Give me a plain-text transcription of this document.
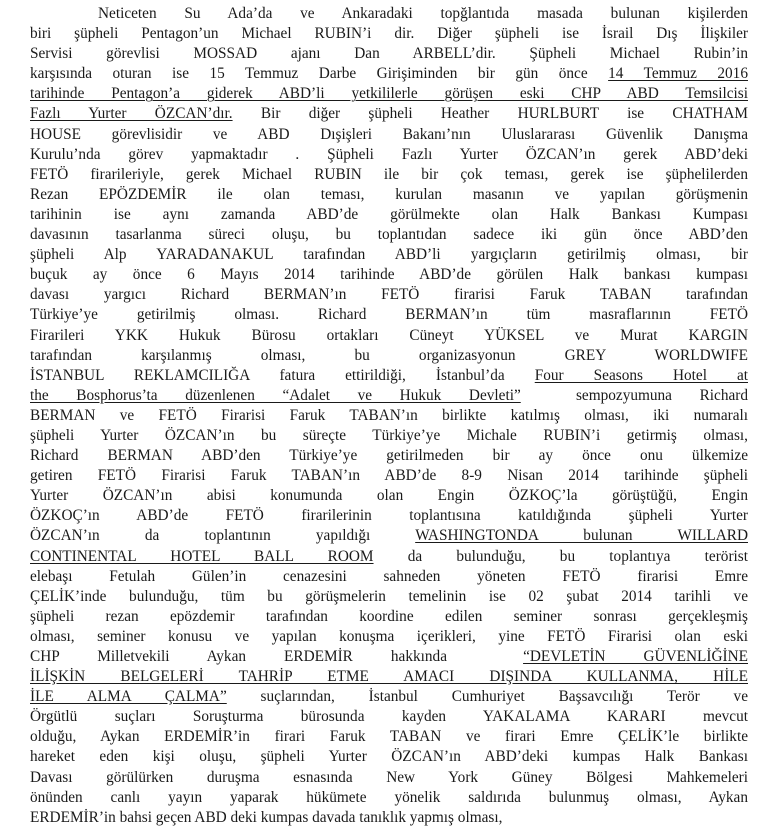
Neticeten Su Ada’da ve Ankaradaki topğlantıda masada bulunan kişilerden
biri şüpheli Pentagon’un Michael RUBIN’i dir. Diğer şüpheli ise İsrail Dış İlişkiler
Servisi görevlisi MOSSAD ajanı Dan ARBELL’dir. Şüpheli Michael Rubin’in
karşısında oturan ise 15 Temmuz Darbe Girişiminden bir gün önce 14 Temmuz 2016
tarihinde Pentagon’a giderek ABD’li yetkililerle görüşen eski CHP ABD Temsilcisi
Fazlı Yurter ÖZCAN’dır. Bir diğer şüpheli Heather HURLBURT ise CHATHAM
HOUSE görevlisidir ve ABD Dışişleri Bakanı’nın Uluslararası Güvenlik Danışma
Kurulu’nda görev yapmaktadır . Şüpheli Fazlı Yurter ÖZCAN’ın gerek ABD’deki
FETÖ firarileriyle, gerek Michael RUBIN ile bir çok teması, gerek ise şüphelilerden
Rezan EPÖZDEMİR ile olan teması, kurulan masanın ve yapılan görüşmenin
tarihinin ise aynı zamanda ABD’de görülmekte olan Halk Bankası Kumpası
davasının tasarlanma süreci oluşu, bu toplantıdan sadece iki gün önce ABD’den
şüpheli Alp YARADANAKUL tarafından ABD’li yargıçların getirilmiş olması, bir
buçuk ay önce 6 Mayıs 2014 tarihinde ABD’de görülen Halk bankası kumpası
davası yargıcı Richard BERMAN’ın FETÖ firarisi Faruk TABAN tarafından
Türkiye’ye getirilmiş olması. Richard BERMAN’ın tüm masraflarının FETÖ
Firarileri YKK Hukuk Bürosu ortakları Cüneyt YÜKSEL ve Murat KARGIN
tarafından karşılanmış olması, bu organizasyonun GREY WORLDWIFE
İSTANBUL REKLAMCILIĞA fatura ettirildiği, İstanbul’da Four Seasons Hotel at
the Bosphorus’ta düzenlenen “Adalet ve Hukuk Devleti”  sempozyumuna Richard
BERMAN ve FETÖ Firarisi Faruk TABAN’ın birlikte katılmış olması, iki numaralı
şüpheli Yurter ÖZCAN’ın bu süreçte Türkiye’ye Michale RUBIN’i getirmiş olması,
Richard BERMAN ABD’den Türkiye’ye getirilmeden bir ay önce onu ülkemize
getiren FETÖ Firarisi Faruk TABAN’ın ABD’de 8-9 Nisan 2014 tarihinde şüpheli
Yurter ÖZCAN’ın abisi konumunda olan Engin ÖZKOÇ’la görüştüğü, Engin
ÖZKOÇ’ın ABD’de FETÖ firarilerinin toplantısına katıldığında şüpheli Yurter
ÖZCAN’ın da toplantının yapıldığı WASHINGTONDA bulunan WILLARD
CONTINENTAL HOTEL BALL ROOM da bulunduğu, bu toplantıya terörist
elebaşı Fetulah Gülen’in cenazesini sahneden yöneten FETÖ firarisi Emre
ÇELİK’inde bulunduğu, tüm bu görüşmelerin temelinin ise 02 şubat 2014 tarihli ve
şüpheli rezan epözdemir tarafından koordine edilen seminer sonrası gerçekleşmiş
olması, seminer konusu ve yapılan konuşma içerikleri, yine FETÖ Firarisi olan eski
CHP Milletvekili Aykan ERDEMİR hakkında  “DEVLETİN GÜVENLİĞİNE
İLİŞKİN BELGELERİ TAHRİP ETME AMACI DIŞINDA KULLANMA, HİLE
İLE ALMA ÇALMA” suçlarından, İstanbul Cumhuriyet Başsavcılığı Terör ve
Örgütlü suçları Soruşturma bürosunda kayden YAKALAMA KARARI mevcut
olduğu, Aykan ERDEMİR’in firari Faruk TABAN ve firari Emre ÇELİK’le birlikte
hareket eden kişi oluşu, şüpheli Yurter ÖZCAN’ın ABD’deki kumpas Halk Bankası
Davası görülürken duruşma esnasında New York Güney Bölgesi Mahkemeleri
önünden canlı yayın yaparak hükümete yönelik saldırıda bulunmuş olması, Aykan
ERDEMİR’in bahsi geçen ABD deki kumpas davada tanıklık yapmış olması,
